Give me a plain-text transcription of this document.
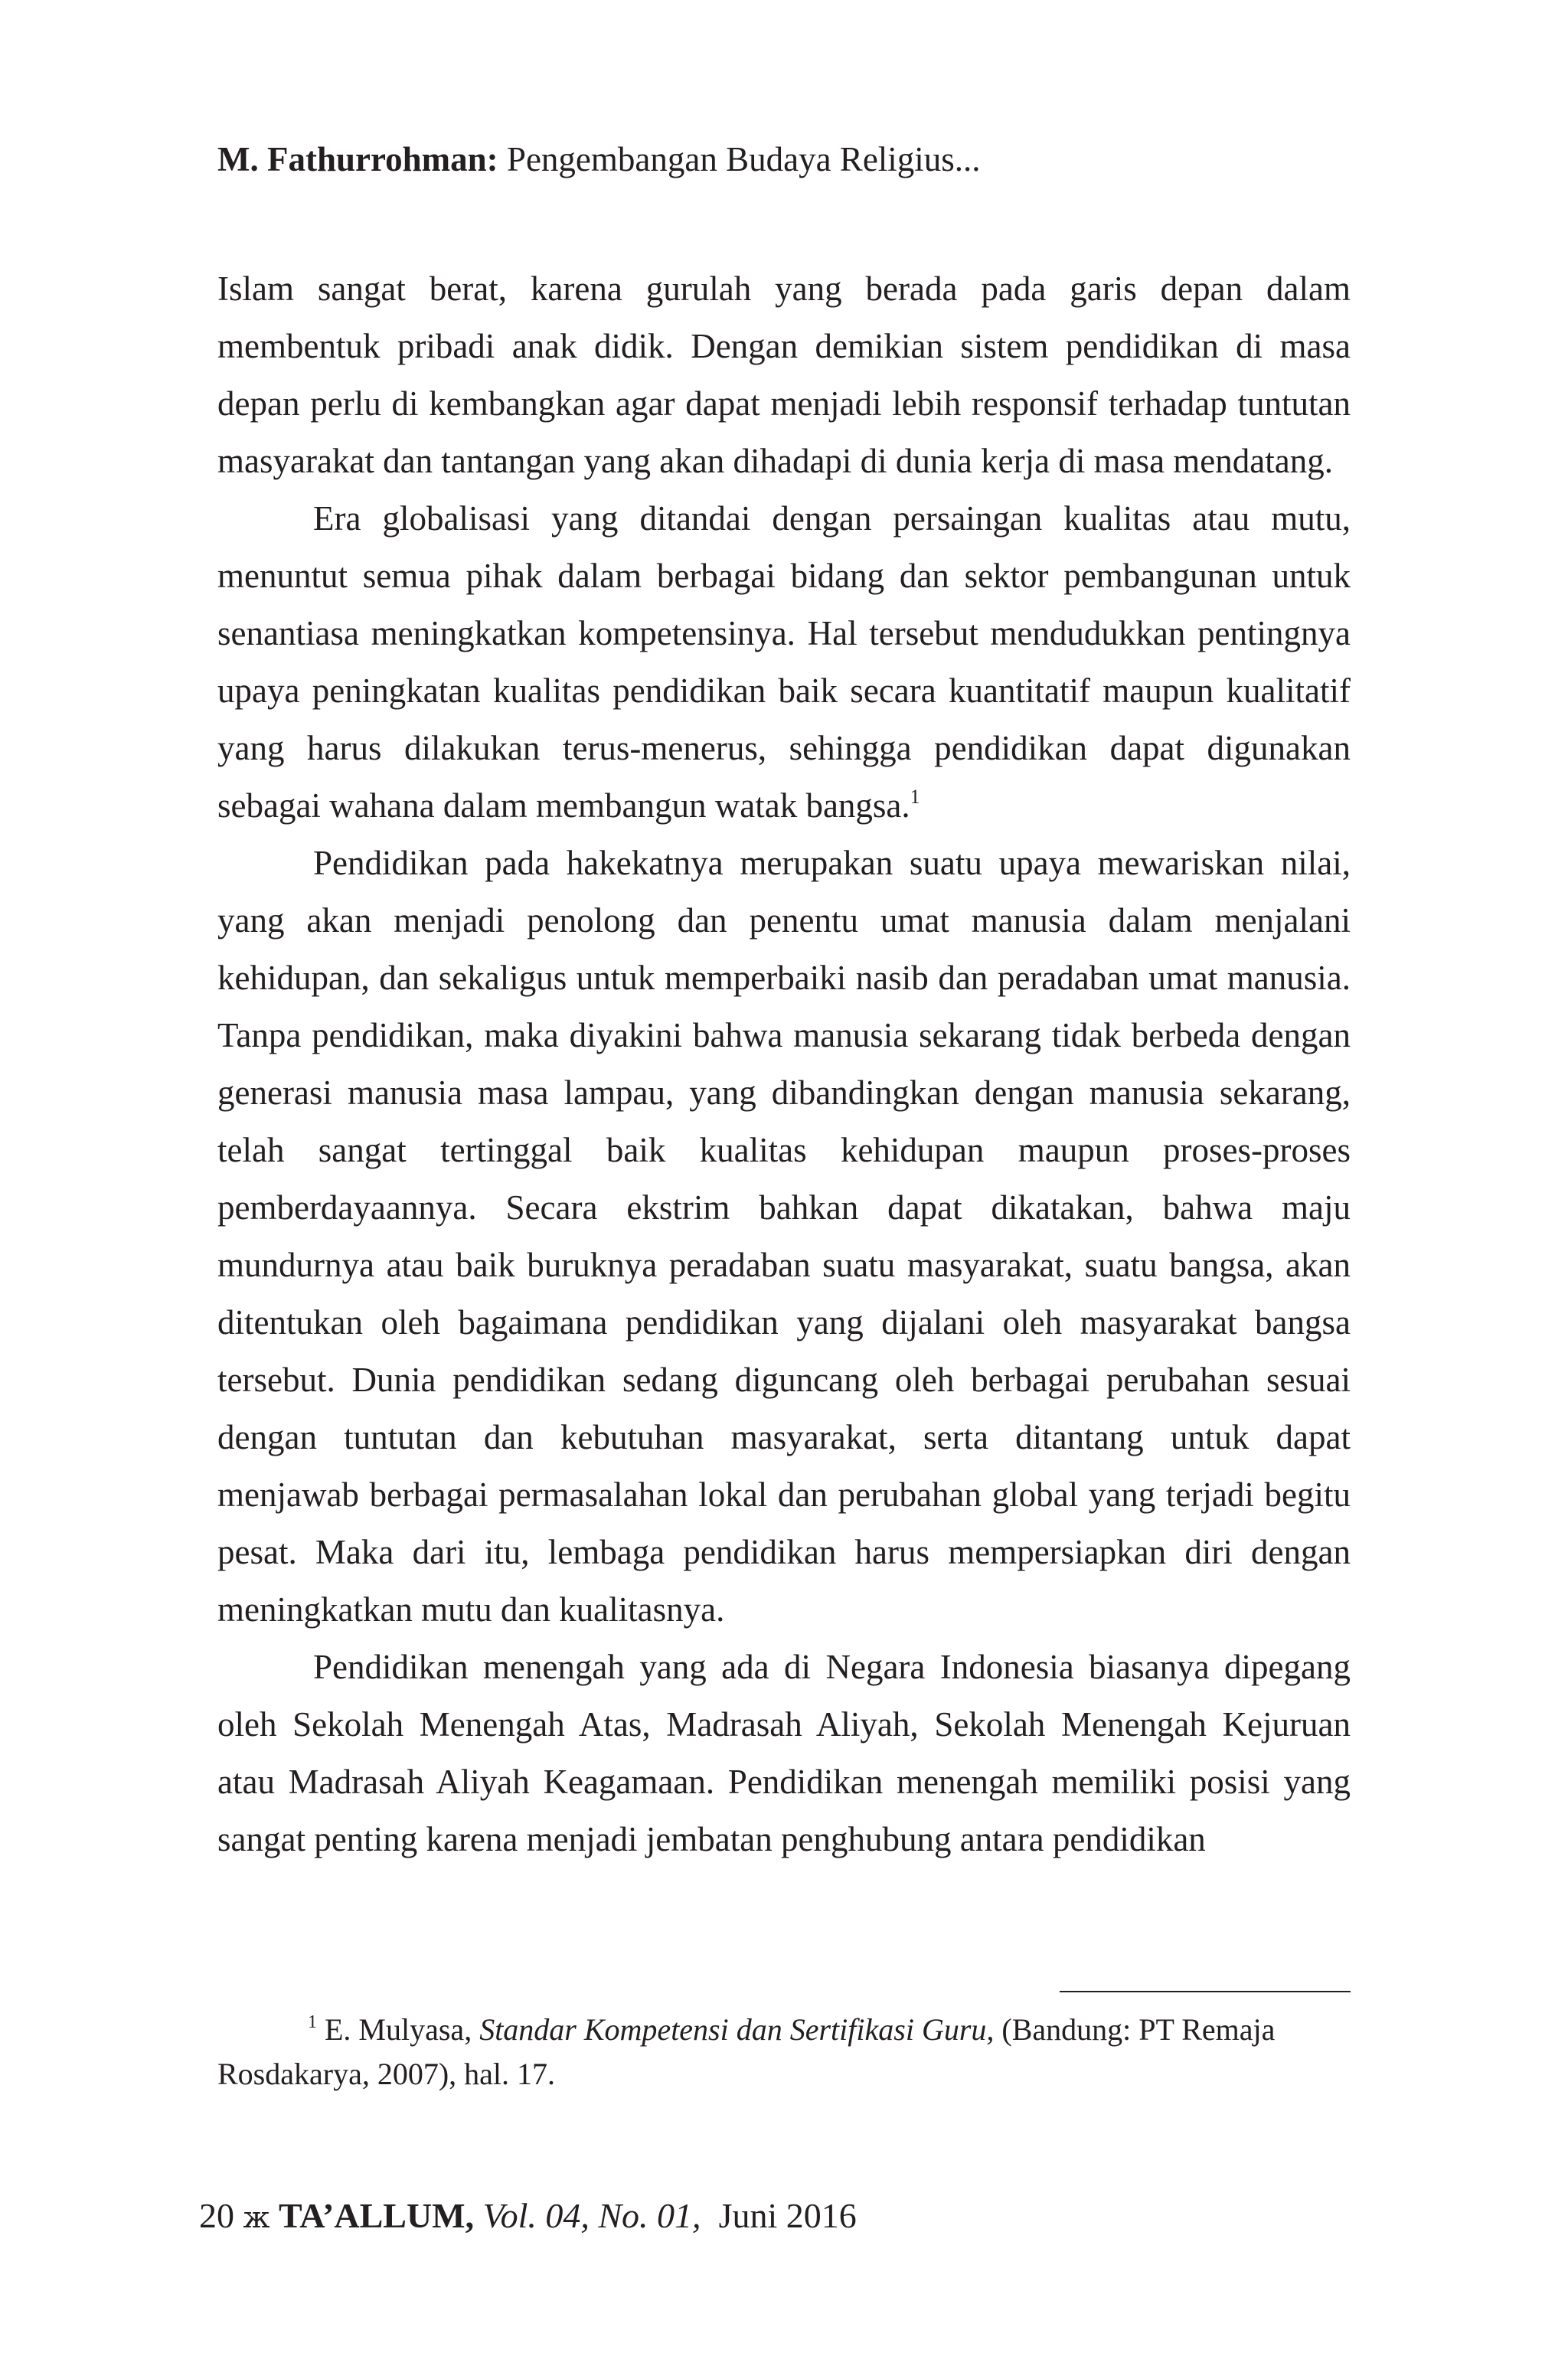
M. Fathurrohman: Pengembangan Budaya Religius...

Islam sangat berat, karena gurulah yang berada pada garis depan dalam membentuk pribadi anak didik. Dengan demikian sistem pendidikan di masa depan perlu di kembangkan agar dapat menjadi lebih responsif terhadap tuntutan masyarakat dan tantangan yang akan dihadapi di dunia kerja di masa mendatang.

Era globalisasi yang ditandai dengan persaingan kualitas atau mutu, menuntut semua pihak dalam berbagai bidang dan sektor pembangunan untuk senantiasa meningkatkan kompetensinya. Hal tersebut mendudukkan pentingnya upaya peningkatan kualitas pendidikan baik secara kuantitatif maupun kualitatif yang harus dilakukan terus-menerus, sehingga pendidikan dapat digunakan sebagai wahana dalam membangun watak bangsa.$^1$

Pendidikan pada hakekatnya merupakan suatu upaya mewariskan nilai, yang akan menjadi penolong dan penentu umat manusia dalam menjalani kehidupan, dan sekaligus untuk memperbaiki nasib dan peradaban umat manusia. Tanpa pendidikan, maka diyakini bahwa manusia sekarang tidak berbeda dengan generasi manusia masa lampau, yang dibandingkan dengan manusia sekarang, telah sangat tertinggal baik kualitas kehidupan maupun proses-proses pemberdayaannya. Secara ekstrim bahkan dapat dikatakan, bahwa maju mundurnya atau baik buruknya peradaban suatu masyarakat, suatu bangsa, akan ditentukan oleh bagaimana pendidikan yang dijalani oleh masyarakat bangsa tersebut. Dunia pendidikan sedang diguncang oleh berbagai perubahan sesuai dengan tuntutan dan kebutuhan masyarakat, serta ditantang untuk dapat menjawab berbagai permasalahan lokal dan perubahan global yang terjadi begitu pesat. Maka dari itu, lembaga pendidikan harus mempersiapkan diri dengan meningkatkan mutu dan kualitasnya.

Pendidikan menengah yang ada di Negara Indonesia biasanya dipegang oleh Sekolah Menengah Atas, Madrasah Aliyah, Sekolah Menengah Kejuruan atau Madrasah Aliyah Keagamaan. Pendidikan menengah memiliki posisi yang sangat penting karena menjadi jembatan penghubung antara pendidikan

$^1$ E. Mulyasa, Standar Kompetensi dan Sertifikasi Guru, (Bandung: PT Remaja Rosdakarya, 2007), hal. 17.
20 ж TA’ALLUM, Vol. 04, No. 01, Juni 2016
